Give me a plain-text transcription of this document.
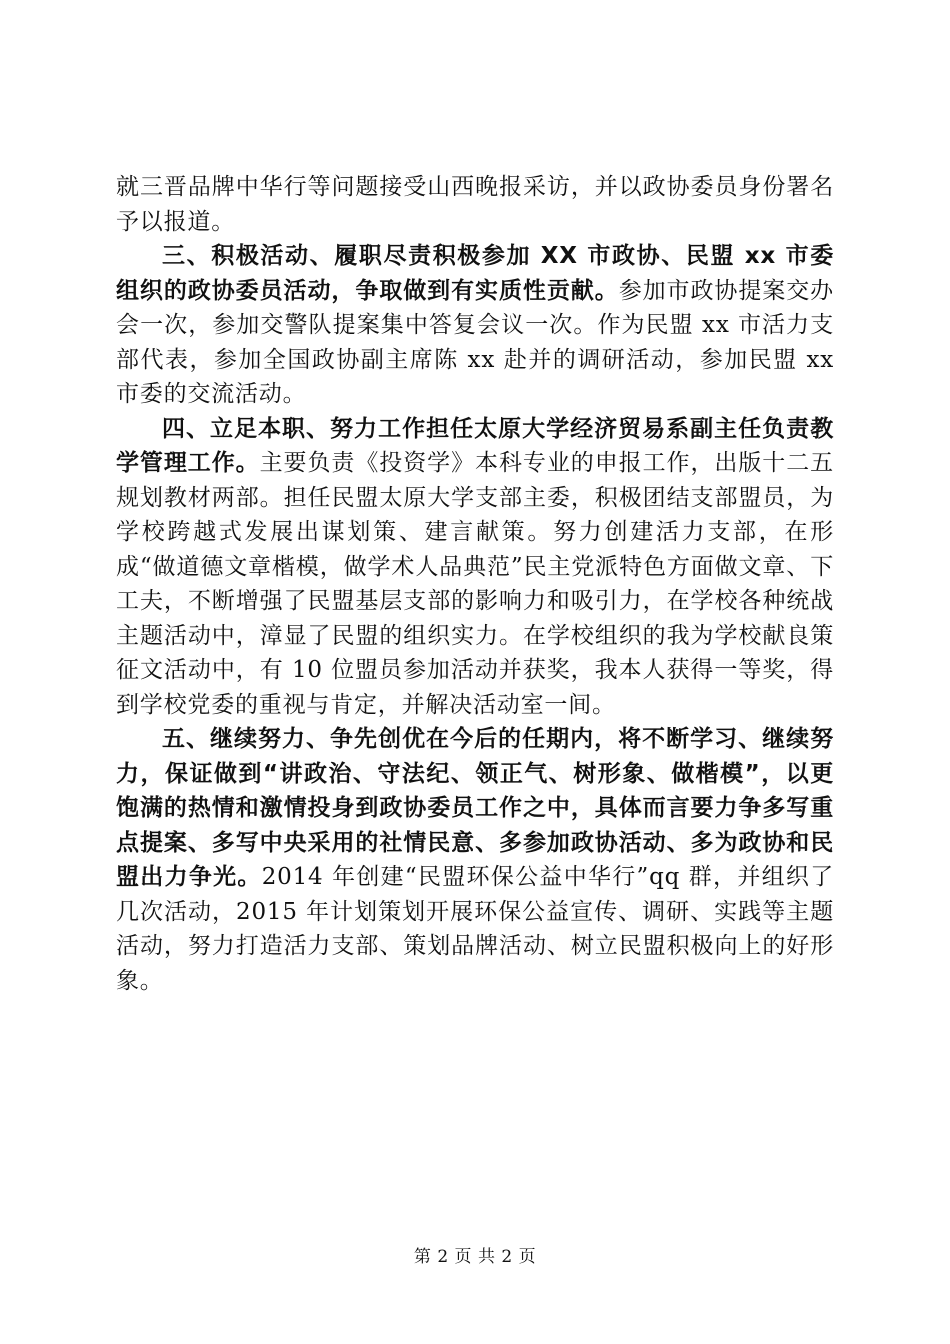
就三晋品牌中华行等问题接受山西晚报采访，并以政协委员身份署名予以报道。

三、积极活动、履职尽责积极参加 XX 市政协、民盟 xx 市委组织的政协委员活动，争取做到有实质性贡献。参加市政协提案交办会一次，参加交警队提案集中答复会议一次。作为民盟 xx 市活力支部代表，参加全国政协副主席陈 xx 赴并的调研活动，参加民盟 xx 市委的交流活动。

四、立足本职、努力工作担任太原大学经济贸易系副主任负责教学管理工作。主要负责《投资学》本科专业的申报工作，出版十二五规划教材两部。担任民盟太原大学支部主委，积极团结支部盟员，为学校跨越式发展出谋划策、建言献策。努力创建活力支部，在形成“做道德文章楷模，做学术人品典范”民主党派特色方面做文章、下工夫，不断增强了民盟基层支部的影响力和吸引力，在学校各种统战主题活动中，漳显了民盟的组织实力。在学校组织的我为学校献良策征文活动中，有 10 位盟员参加活动并获奖，我本人获得一等奖，得到学校党委的重视与肯定，并解决活动室一间。

五、继续努力、争先创优在今后的任期内，将不断学习、继续努力，保证做到“讲政治、守法纪、领正气、树形象、做楷模”，以更饱满的热情和激情投身到政协委员工作之中，具体而言要力争多写重点提案、多写中央采用的社情民意、多参加政协活动、多为政协和民盟出力争光。2014 年创建“民盟环保公益中华行”qq 群，并组织了几次活动，2015 年计划策划开展环保公益宣传、调研、实践等主题活动，努力打造活力支部、策划品牌活动、树立民盟积极向上的好形象。

第 2 页 共 2 页
